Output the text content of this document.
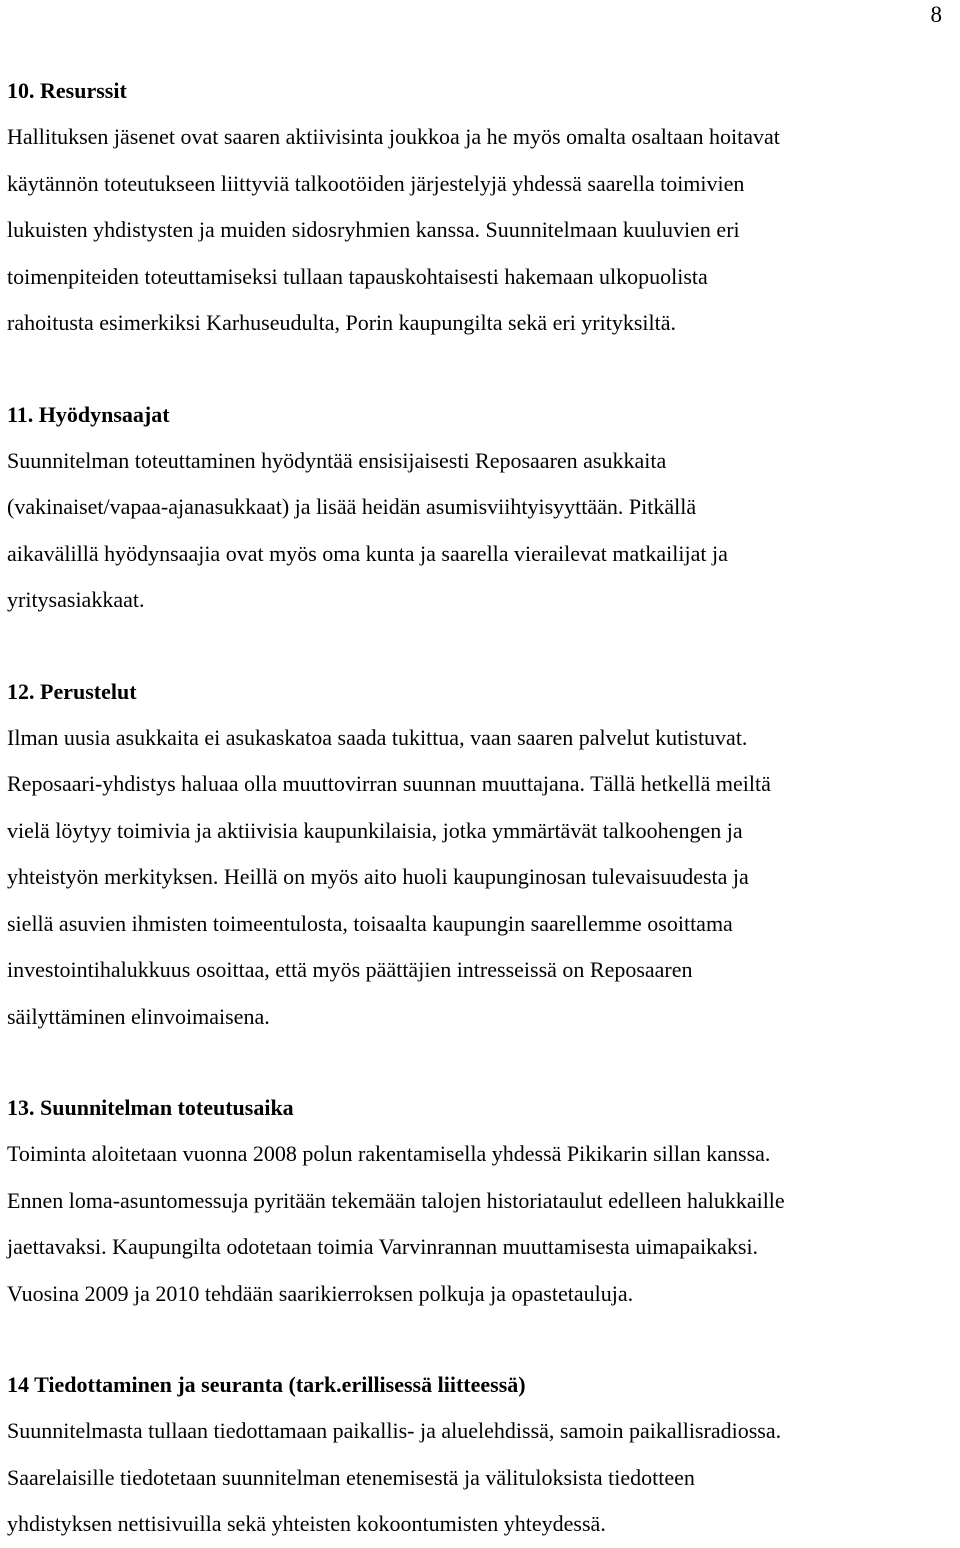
8
10. Resurssit
Hallituksen jäsenet ovat saaren aktiivisinta joukkoa ja he myös omalta osaltaan hoitavat
käytännön toteutukseen liittyviä talkootöiden järjestelyjä yhdessä saarella toimivien
lukuisten yhdistysten ja muiden sidosryhmien kanssa. Suunnitelmaan kuuluvien eri
toimenpiteiden toteuttamiseksi tullaan tapauskohtaisesti hakemaan ulkopuolista
rahoitusta esimerkiksi Karhuseudulta, Porin kaupungilta sekä eri yrityksiltä.
11. Hyödynsaajat
Suunnitelman toteuttaminen hyödyntää ensisijaisesti Reposaaren asukkaita
(vakinaiset/vapaa-ajanasukkaat) ja lisää heidän asumisviihtyisyyttään. Pitkällä
aikavälillä hyödynsaajia ovat myös oma kunta ja saarella vierailevat matkailijat ja
yritysasiakkaat.
12. Perustelut
Ilman uusia asukkaita ei asukaskatoa saada tukittua, vaan saaren palvelut kutistuvat.
Reposaari-yhdistys haluaa olla muuttovirran suunnan muuttajana. Tällä hetkellä meiltä
vielä löytyy toimivia ja aktiivisia kaupunkilaisia, jotka ymmärtävät talkoohengen ja
yhteistyön merkityksen. Heillä on myös aito huoli kaupunginosan tulevaisuudesta ja
siellä asuvien ihmisten toimeentulosta, toisaalta kaupungin saarellemme osoittama
investointihalukkuus osoittaa, että myös päättäjien intresseissä on Reposaaren
säilyttäminen elinvoimaisena.
13. Suunnitelman toteutusaika
Toiminta aloitetaan vuonna 2008 polun rakentamisella yhdessä Pikikarin sillan kanssa.
Ennen loma-asuntomessuja pyritään tekemään talojen historiataulut edelleen halukkaille
jaettavaksi. Kaupungilta odotetaan toimia Varvinrannan muuttamisesta uimapaikaksi.
Vuosina 2009 ja 2010 tehdään saarikierroksen polkuja ja opastetauluja.
14 Tiedottaminen ja seuranta (tark.erillisessä liitteessä)
Suunnitelmasta tullaan tiedottamaan paikallis- ja aluelehdissä, samoin paikallisradiossa.
Saarelaisille tiedotetaan suunnitelman etenemisestä ja välituloksista tiedotteen
yhdistyksen nettisivuilla sekä yhteisten kokoontumisten yhteydessä.
